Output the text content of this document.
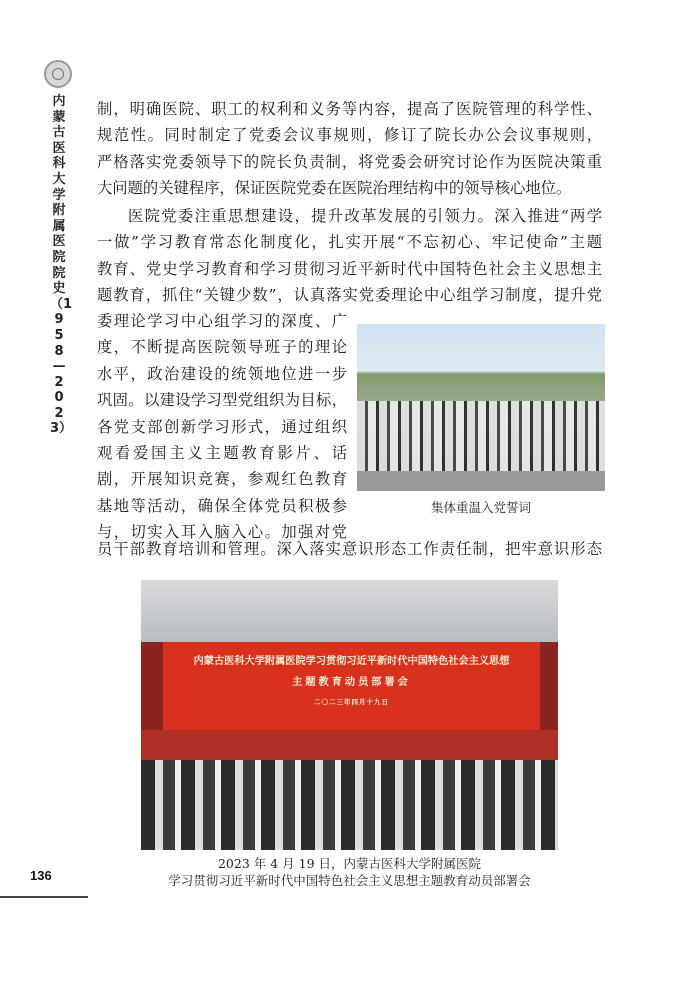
内蒙古医科大学附属医院院史（1958—2023）
制，明确医院、职工的权利和义务等内容，提高了医院管理的科学性、
规范性。同时制定了党委会议事规则，修订了院长办公会议事规则，
严格落实党委领导下的院长负责制，将党委会研究讨论作为医院决策重
大问题的关键程序，保证医院党委在医院治理结构中的领导核心地位。
医院党委注重思想建设，提升改革发展的引领力。深入推进“两学
一做”学习教育常态化制度化，扎实开展“不忘初心、牢记使命”主题
教育、党史学习教育和学习贯彻习近平新时代中国特色社会主义思想主
题教育，抓住“关键少数”，认真落实党委理论中心组学习制度，提升党
委理论学习中心组学习的深度、广
度，不断提高医院领导班子的理论
水平，政治建设的统领地位进一步
巩固。以建设学习型党组织为目标，
各党支部创新学习形式，通过组织
观看爱国主义主题教育影片、话
剧，开展知识竞赛，参观红色教育
基地等活动，确保全体党员积极参
与，切实入耳入脑入心。加强对党
员干部教育培训和管理。深入落实意识形态工作责任制，把牢意识形态
集体重温入党誓词
内蒙古医科大学附属医院学习贯彻习近平新时代中国特色社会主义思想
主题教育动员部署会
二〇二三年四月十九日
2023 年 4 月 19 日，内蒙古医科大学附属医院
学习贯彻习近平新时代中国特色社会主义思想主题教育动员部署会
136
